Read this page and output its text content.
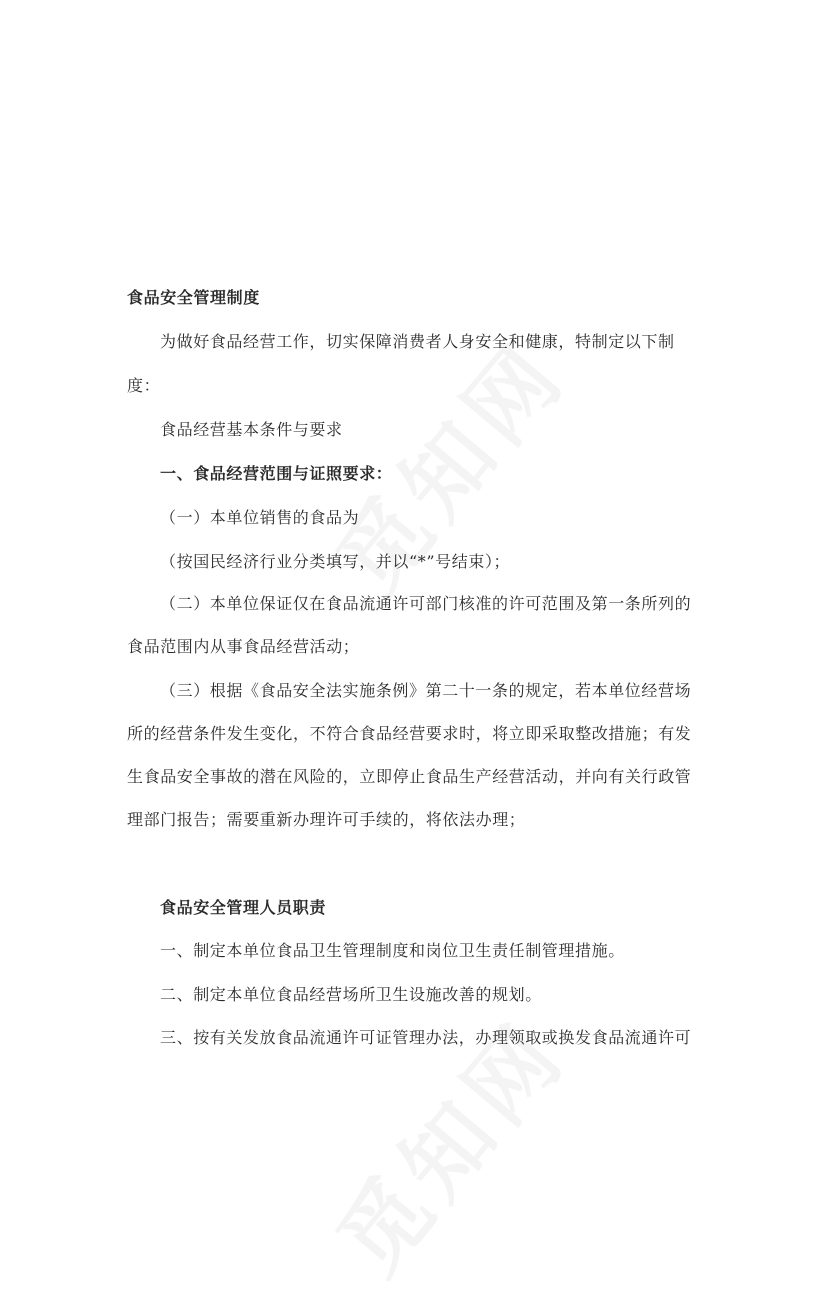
食品安全管理制度
为做好食品经营工作，切实保障消费者人身安全和健康，特制定以下制
度：
食品经营基本条件与要求
一、食品经营范围与证照要求：
（一）本单位销售的食品为
（按国民经济行业分类填写，并以“*”号结束）；
（二）本单位保证仅在食品流通许可部门核准的许可范围及第一条所列的
食品范围内从事食品经营活动；
（三）根据《食品安全法实施条例》第二十一条的规定，若本单位经营场
所的经营条件发生变化，不符合食品经营要求时，将立即采取整改措施；有发
生食品安全事故的潜在风险的，立即停止食品生产经营活动，并向有关行政管
理部门报告；需要重新办理许可手续的，将依法办理；
食品安全管理人员职责
一、制定本单位食品卫生管理制度和岗位卫生责任制管理措施。
二、制定本单位食品经营场所卫生设施改善的规划。
三、按有关发放食品流通许可证管理办法，办理领取或换发食品流通许可
